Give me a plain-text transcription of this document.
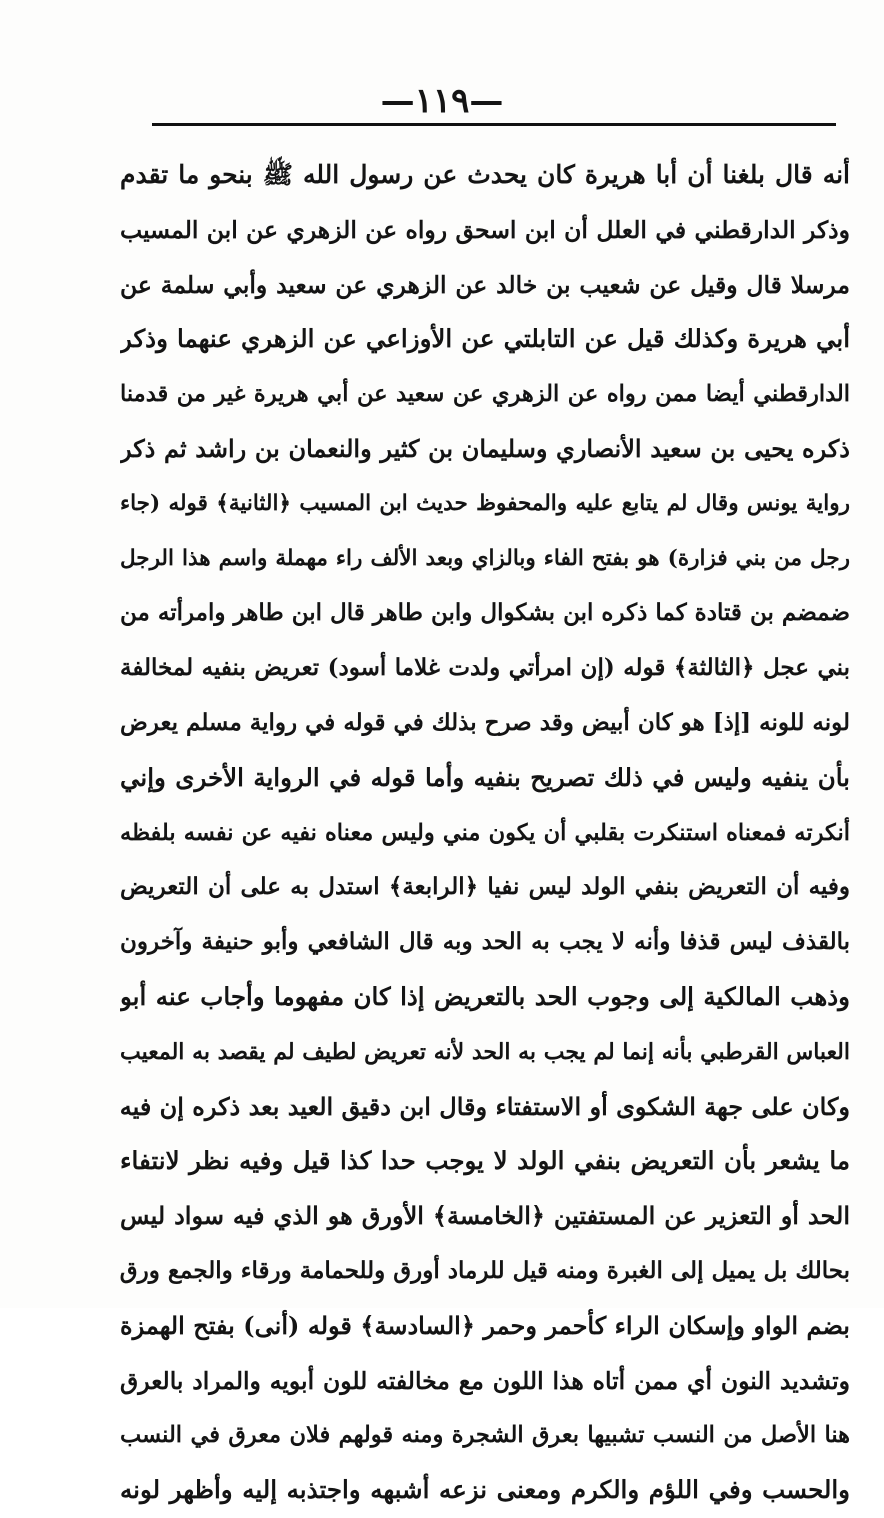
—١١٩—
أنه قال بلغنا أن أبا هريرة كان يحدث عن رسول الله ﷺ بنحو ما تقدم
وذكر الدارقطني في العلل أن ابن اسحق رواه عن الزهري عن ابن المسيب
مرسلا قال وقيل عن شعيب بن خالد عن الزهري عن سعيد وأبي سلمة عن
أبي هريرة وكذلك قيل عن التابلتي عن الأوزاعي عن الزهري عنهما وذكر
الدارقطني أيضا ممن رواه عن الزهري عن سعيد عن أبي هريرة غير من قدمنا
ذكره يحيى بن سعيد الأنصاري وسليمان بن كثير والنعمان بن راشد ثم ذكر
رواية يونس وقال لم يتابع عليه والمحفوظ حديث ابن المسيب ﴿الثانية﴾ قوله (جاء
رجل من بني فزارة) هو بفتح الفاء وبالزاي وبعد الألف راء مهملة واسم هذا الرجل
ضمضم بن قتادة كما ذكره ابن بشكوال وابن طاهر قال ابن طاهر وامرأته من
بني عجل ﴿الثالثة﴾ قوله (إن امرأتي ولدت غلاما أسود) تعريض بنفيه لمخالفة
لونه للونه [إذ] هو كان أبيض وقد صرح بذلك في قوله في رواية مسلم يعرض
بأن ينفيه وليس في ذلك تصريح بنفيه وأما قوله في الرواية الأخرى وإني
أنكرته فمعناه استنكرت بقلبي أن يكون مني وليس معناه نفيه عن نفسه بلفظه
وفيه أن التعريض بنفي الولد ليس نفيا ﴿الرابعة﴾ استدل به على أن التعريض
بالقذف ليس قذفا وأنه لا يجب به الحد وبه قال الشافعي وأبو حنيفة وآخرون
وذهب المالكية إلى وجوب الحد بالتعريض إذا كان مفهوما وأجاب عنه أبو
العباس القرطبي بأنه إنما لم يجب به الحد لأنه تعريض لطيف لم يقصد به المعيب
وكان على جهة الشكوى أو الاستفتاء وقال ابن دقيق العيد بعد ذكره إن فيه
ما يشعر بأن التعريض بنفي الولد لا يوجب حدا كذا قيل وفيه نظر لانتفاء
الحد أو التعزير عن المستفتين ﴿الخامسة﴾ الأورق هو الذي فيه سواد ليس
بحالك بل يميل إلى الغبرة ومنه قيل للرماد أورق وللحمامة ورقاء والجمع ورق
بضم الواو وإسكان الراء كأحمر وحمر ﴿السادسة﴾ قوله (أنى) بفتح الهمزة
وتشديد النون أي ممن أتاه هذا اللون مع مخالفته للون أبويه والمراد بالعرق
هنا الأصل من النسب تشبيها بعرق الشجرة ومنه قولهم فلان معرق في النسب
والحسب وفي اللؤم والكرم ومعنى نزعه أشبهه واجتذبه إليه وأظهر لونه
